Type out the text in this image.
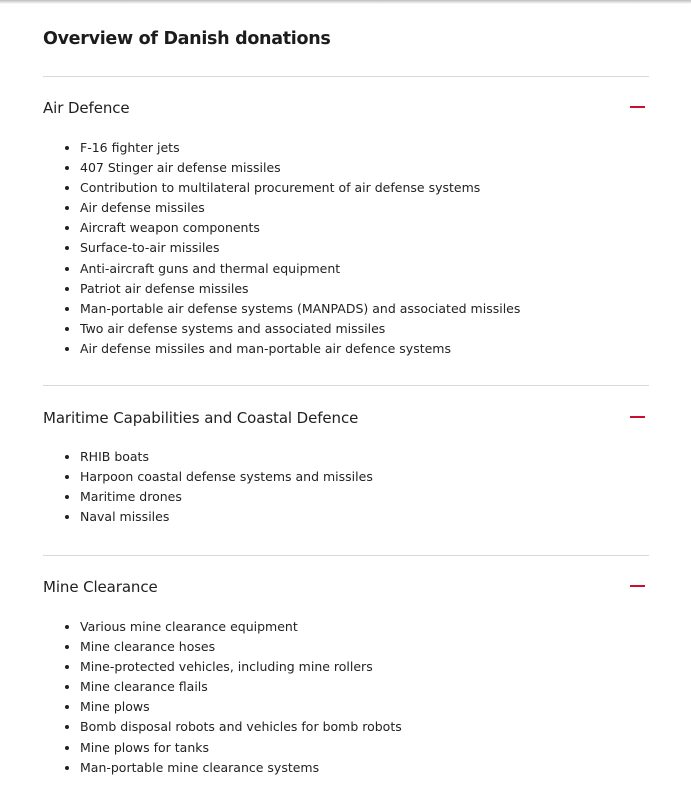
Overview of Danish donations
Air Defence
F-16 fighter jets
407 Stinger air defense missiles
Contribution to multilateral procurement of air defense systems
Air defense missiles
Aircraft weapon components
Surface-to-air missiles
Anti-aircraft guns and thermal equipment
Patriot air defense missiles
Man-portable air defense systems (MANPADS) and associated missiles
Two air defense systems and associated missiles
Air defense missiles and man-portable air defence systems
Maritime Capabilities and Coastal Defence
RHIB boats
Harpoon coastal defense systems and missiles
Maritime drones
Naval missiles
Mine Clearance
Various mine clearance equipment
Mine clearance hoses
Mine-protected vehicles, including mine rollers
Mine clearance flails
Mine plows
Bomb disposal robots and vehicles for bomb robots
Mine plows for tanks
Man-portable mine clearance systems
